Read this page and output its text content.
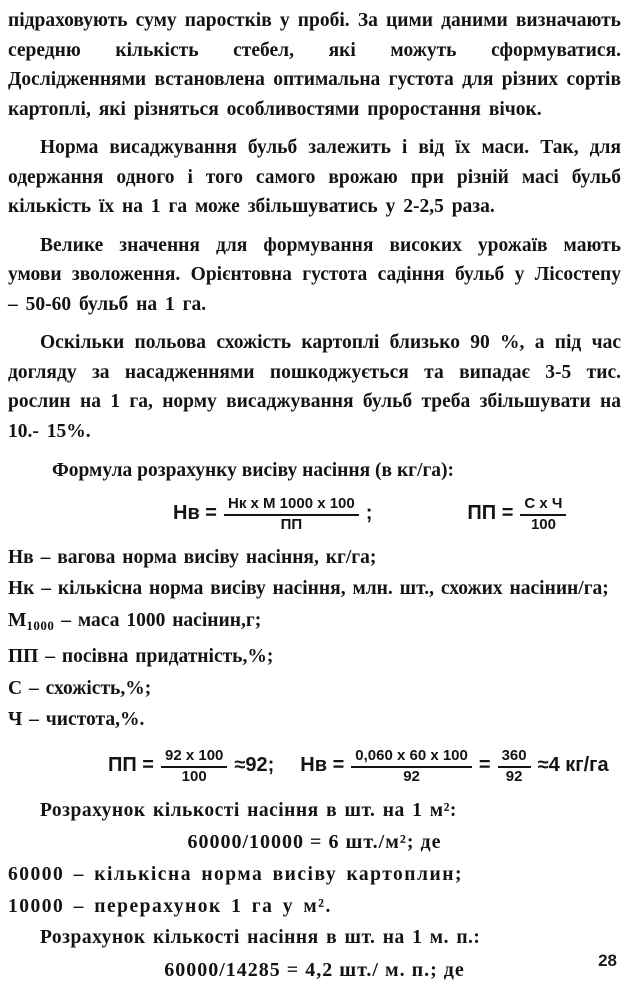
підраховують суму паростків у пробі. За цими даними визначають середню кількість стебел, які можуть сформуватися. Дослідженнями встановлена оптимальна густота для різних сортів картоплі, які різняться особливостями проростання вічок.

Норма висаджування бульб залежить і від їх маси. Так, для одержання одного і того самого врожаю при різній масі бульб кількість їх на 1 га може збільшуватись у 2-2,5 раза.

Велике значення для формування високих урожаїв мають умови зволоження. Орієнтовна густота садіння бульб у Лісостепу – 50-60 бульб на 1 га.

Оскільки польова схожість картоплі близько 90 %, а під час догляду за насадженнями пошкоджується та випадає 3-5 тис. рослин на 1 га, норму висаджування бульб треба збільшувати на 10.- 15%.

Формула розрахунку висіву насіння (в кг/га):

Нв = $\frac{\text{Нк х М 1000 х 100}}{ПП}$ ;	ПП = $\frac{\text{С х Ч}}{100}$

Нв – вагова норма висіву насіння, кг/га;

Нк – кількісна норма висіву насіння, млн. шт., схожих насінин/га;

$М_{1000}$ – маса 1000 насінин,г;

ПП – посівна придатність,%;

С – схожість,%;

Ч – чистота,%.

ПП = $\frac{92 х 100}{100} \approx 92$; Нв = $\frac{0,060 х 60 х 100}{92} = \frac{360}{92} \approx 4$ кг/га

Розрахунок кількості насіння в шт. на 1 м²:

60000/10000 = 6 шт./м²; де

60000 – кількісна норма висіву картоплин;

10000 – перерахунок 1 га у м².

Розрахунок кількості насіння в шт. на 1 м. п.:

60000/14285 = 4,2 шт./ м. п.; де	28
